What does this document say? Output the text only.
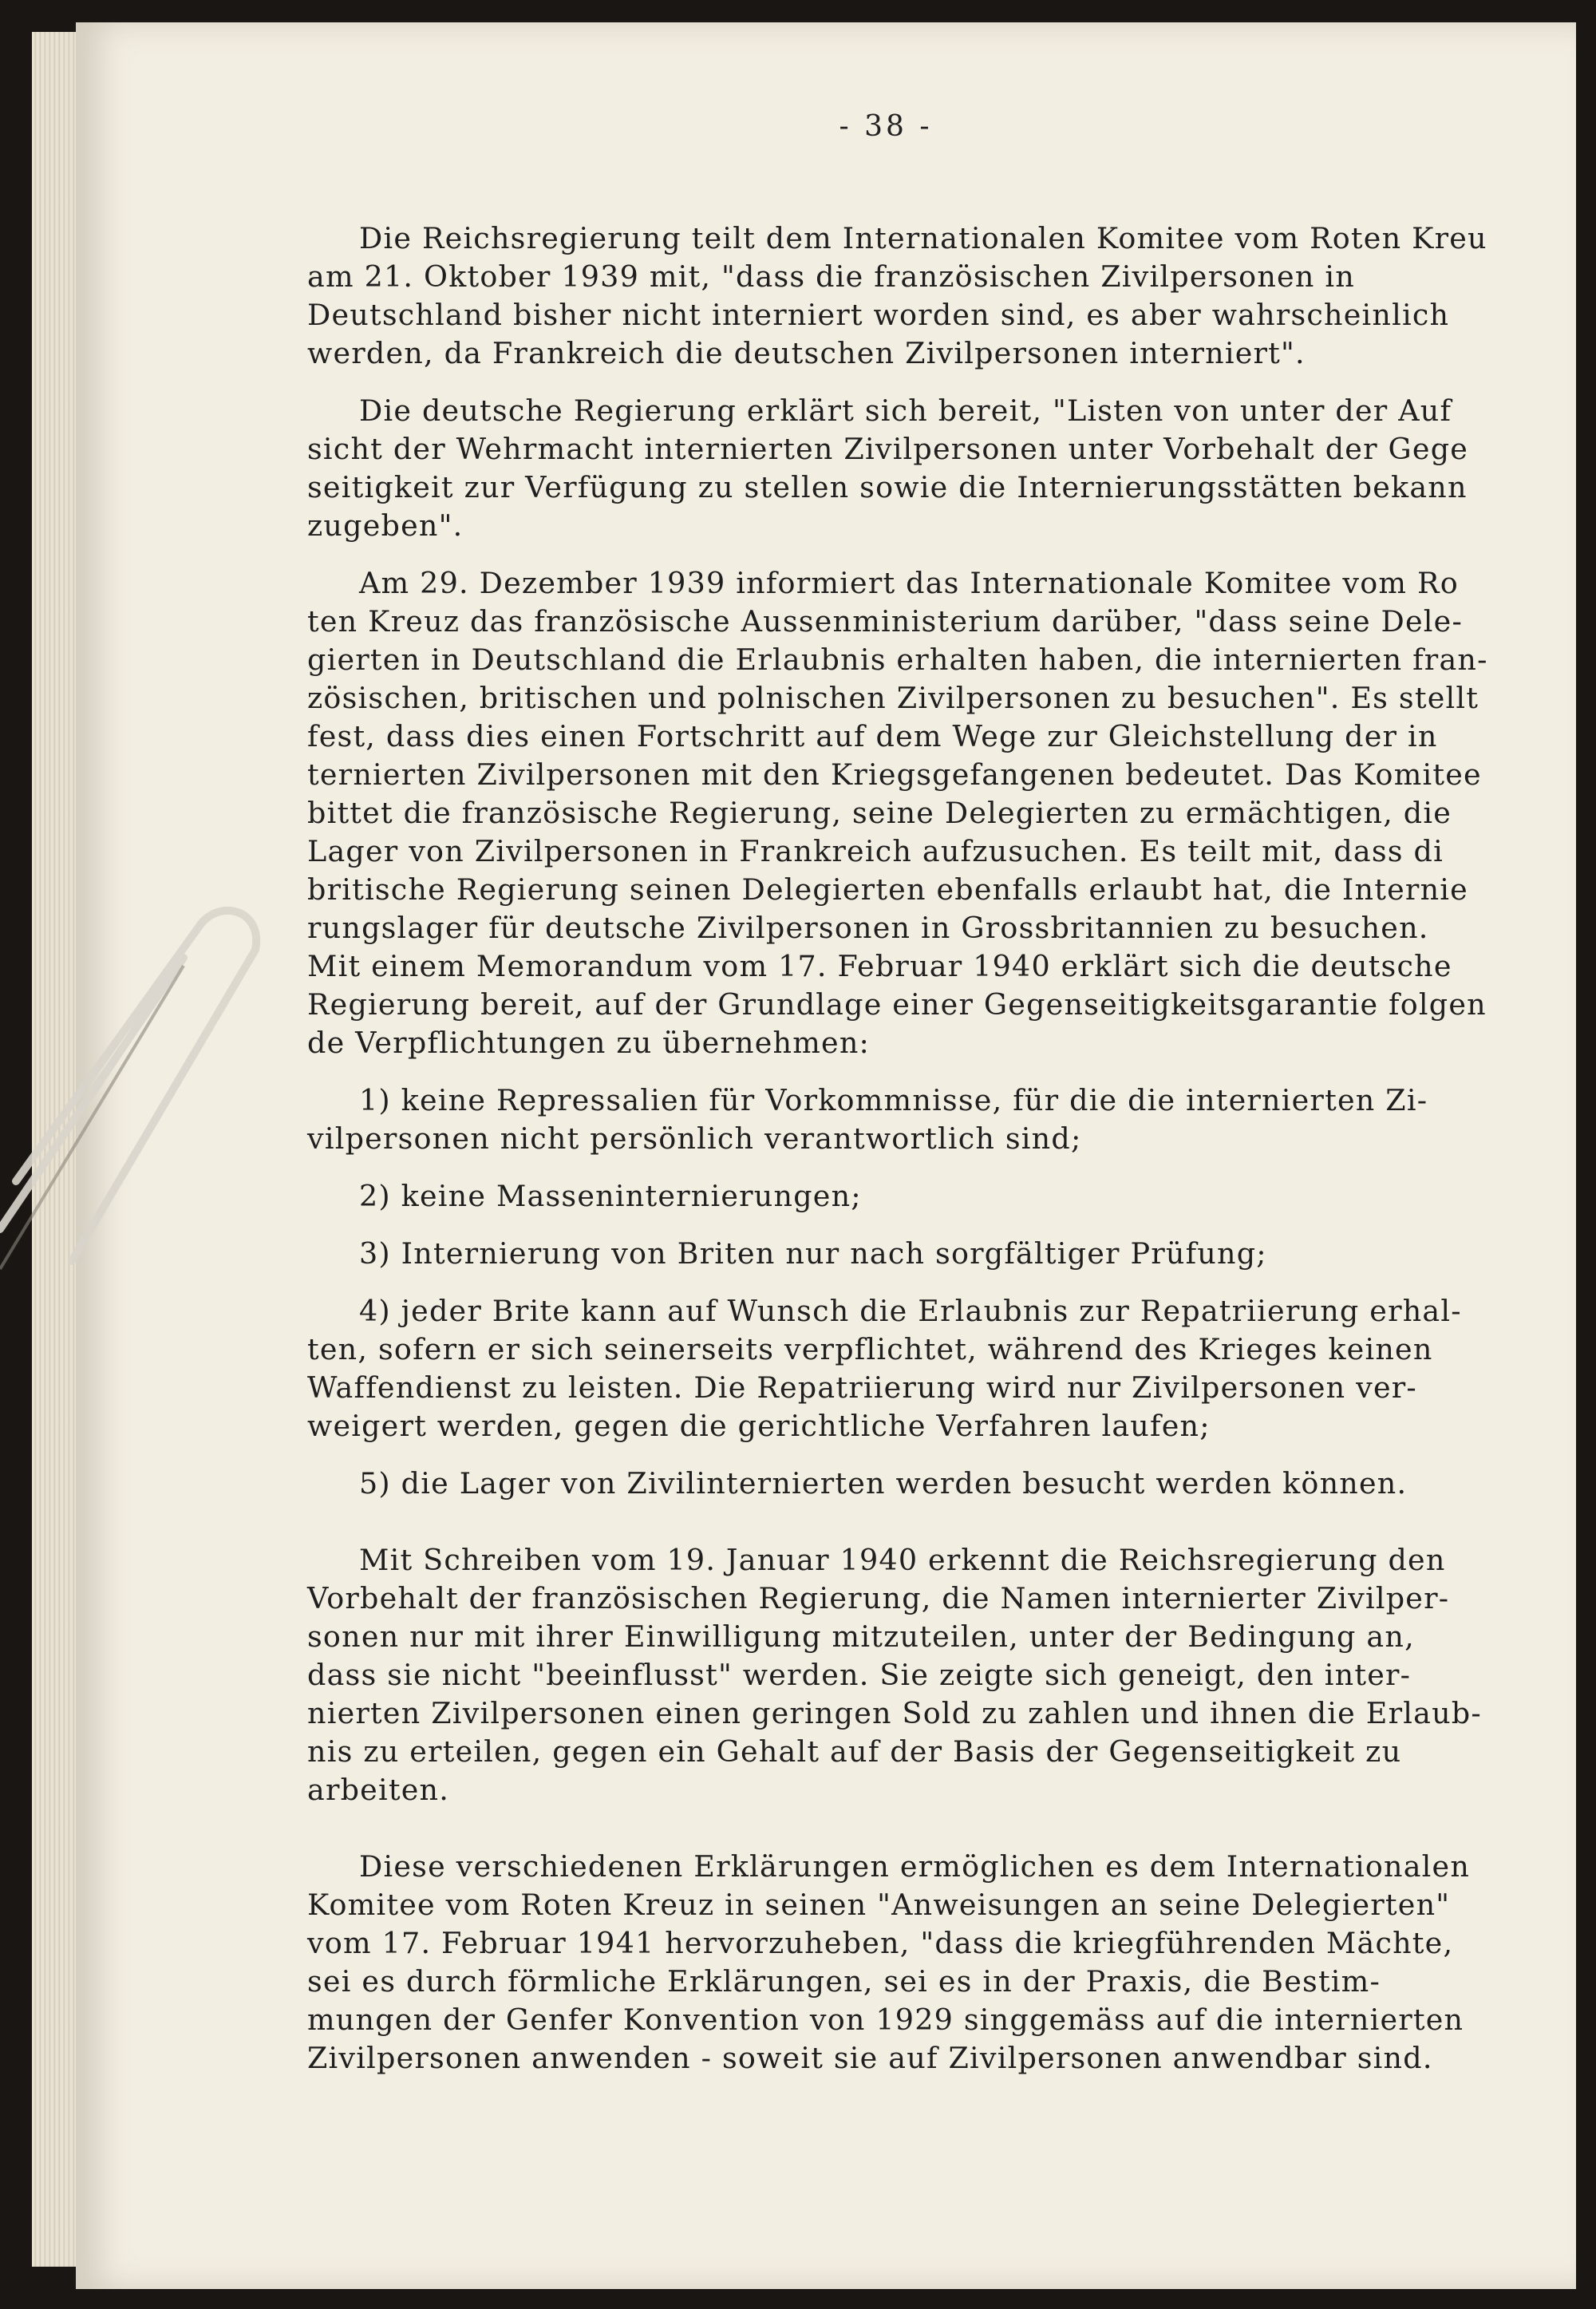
- 38 -
Die Reichsregierung teilt dem Internationalen Komitee vom Roten Kreu
am 21. Oktober 1939 mit, "dass die französischen Zivilpersonen in
Deutschland bisher nicht interniert worden sind, es aber wahrscheinlich
werden, da Frankreich die deutschen Zivilpersonen interniert".
Die deutsche Regierung erklärt sich bereit, "Listen von unter der Auf
sicht der Wehrmacht internierten Zivilpersonen unter Vorbehalt der Gege
seitigkeit zur Verfügung zu stellen sowie die Internierungsstätten bekann
zugeben".
Am 29. Dezember 1939 informiert das Internationale Komitee vom Ro
ten Kreuz das französische Aussenministerium darüber, "dass seine Dele-
gierten in Deutschland die Erlaubnis erhalten haben, die internierten fran-
zösischen, britischen und polnischen Zivilpersonen zu besuchen". Es stellt
fest, dass dies einen Fortschritt auf dem Wege zur Gleichstellung der in
ternierten Zivilpersonen mit den Kriegsgefangenen bedeutet. Das Komitee
bittet die französische Regierung, seine Delegierten zu ermächtigen, die
Lager von Zivilpersonen in Frankreich aufzusuchen. Es teilt mit, dass di
britische Regierung seinen Delegierten ebenfalls erlaubt hat, die Internie
rungslager für deutsche Zivilpersonen in Grossbritannien zu besuchen.
Mit einem Memorandum vom 17. Februar 1940 erklärt sich die deutsche
Regierung bereit, auf der Grundlage einer Gegenseitigkeitsgarantie folgen
de Verpflichtungen zu übernehmen:
1) keine Repressalien für Vorkommnisse, für die die internierten Zi-
vilpersonen nicht persönlich verantwortlich sind;
2) keine Masseninternierungen;
3) Internierung von Briten nur nach sorgfältiger Prüfung;
4) jeder Brite kann auf Wunsch die Erlaubnis zur Repatriierung erhal-
ten, sofern er sich seinerseits verpflichtet, während des Krieges keinen
Waffendienst zu leisten. Die Repatriierung wird nur Zivilpersonen ver-
weigert werden, gegen die gerichtliche Verfahren laufen;
5) die Lager von Zivilinternierten werden besucht werden können.
Mit Schreiben vom 19. Januar 1940 erkennt die Reichsregierung den
Vorbehalt der französischen Regierung, die Namen internierter Zivilper-
sonen nur mit ihrer Einwilligung mitzuteilen, unter der Bedingung an,
dass sie nicht "beeinflusst" werden. Sie zeigte sich geneigt, den inter-
nierten Zivilpersonen einen geringen Sold zu zahlen und ihnen die Erlaub-
nis zu erteilen, gegen ein Gehalt auf der Basis der Gegenseitigkeit zu
arbeiten.
Diese verschiedenen Erklärungen ermöglichen es dem Internationalen
Komitee vom Roten Kreuz in seinen "Anweisungen an seine Delegierten"
vom 17. Februar 1941 hervorzuheben, "dass die kriegführenden Mächte,
sei es durch förmliche Erklärungen, sei es in der Praxis, die Bestim-
mungen der Genfer Konvention von 1929 singgemäss auf die internierten
Zivilpersonen anwenden - soweit sie auf Zivilpersonen anwendbar sind.
